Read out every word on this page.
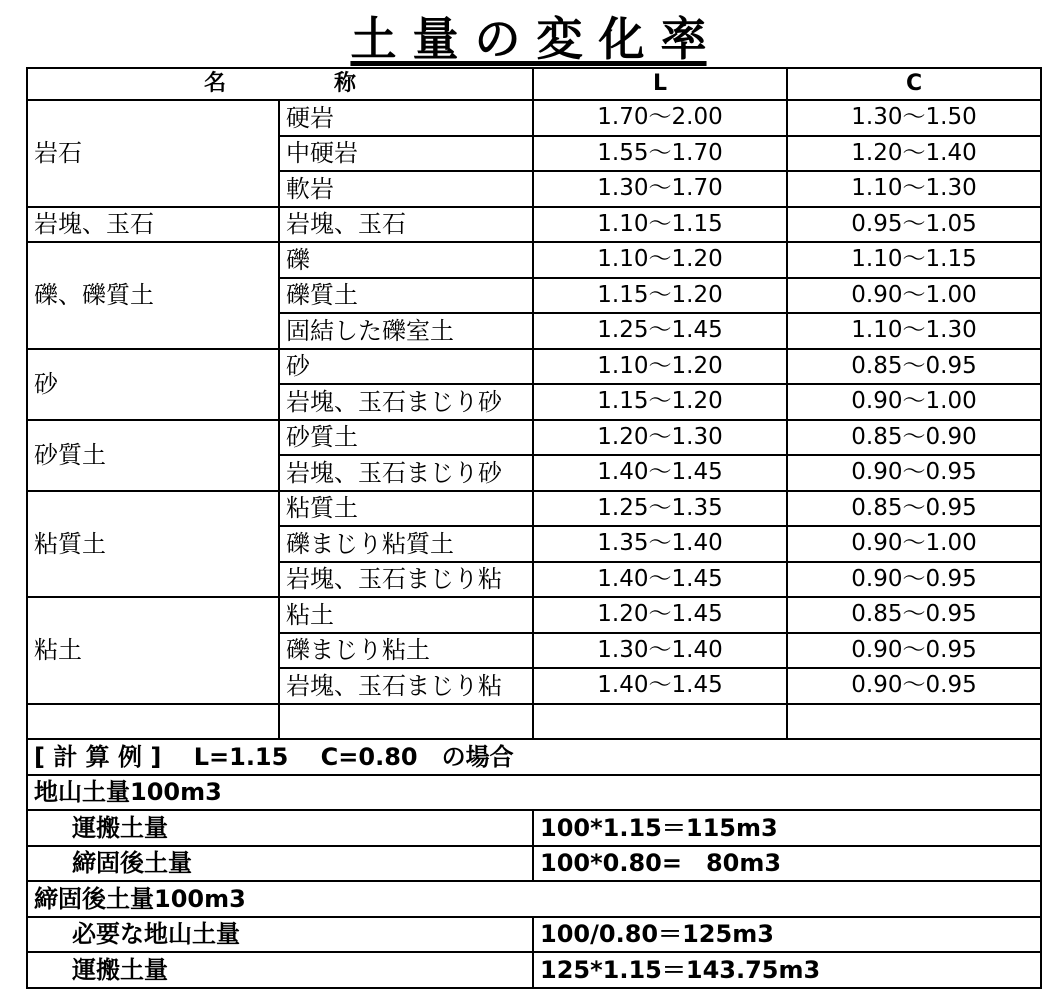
土 量 の 変 化 率
名 称		L	C
岩石	硬岩	1.70〜2.00	1.30〜1.50
	中硬岩	1.55〜1.70	1.20〜1.40
	軟岩	1.30〜1.70	1.10〜1.30
岩塊、玉石	岩塊、玉石	1.10〜1.15	0.95〜1.05
礫、礫質土	礫	1.10〜1.20	1.10〜1.15
	礫質土	1.15〜1.20	0.90〜1.00
	固結した礫室土	1.25〜1.45	1.10〜1.30
砂	砂	1.10〜1.20	0.85〜0.95
	岩塊、玉石まじり砂	1.15〜1.20	0.90〜1.00
砂質土	砂質土	1.20〜1.30	0.85〜0.90
	岩塊、玉石まじり砂	1.40〜1.45	0.90〜0.95
粘質土	粘質土	1.25〜1.35	0.85〜0.95
	礫まじり粘質土	1.35〜1.40	0.90〜1.00
	岩塊、玉石まじり粘	1.40〜1.45	0.90〜0.95
粘土	粘土	1.20〜1.45	0.85〜0.95
	礫まじり粘土	1.30〜1.40	0.90〜0.95
	岩塊、玉石まじり粘	1.40〜1.45	0.90〜0.95

[ 計 算 例 ]　 L=1.15　 C=0.80　の場合			
地山土量100m3			
運搬土量		100*1.15＝115m3	
締固後土量		100*0.80=　80m3	
締固後土量100m3			
必要な地山土量		100/0.80＝125m3	
運搬土量		125*1.15＝143.75m3	
